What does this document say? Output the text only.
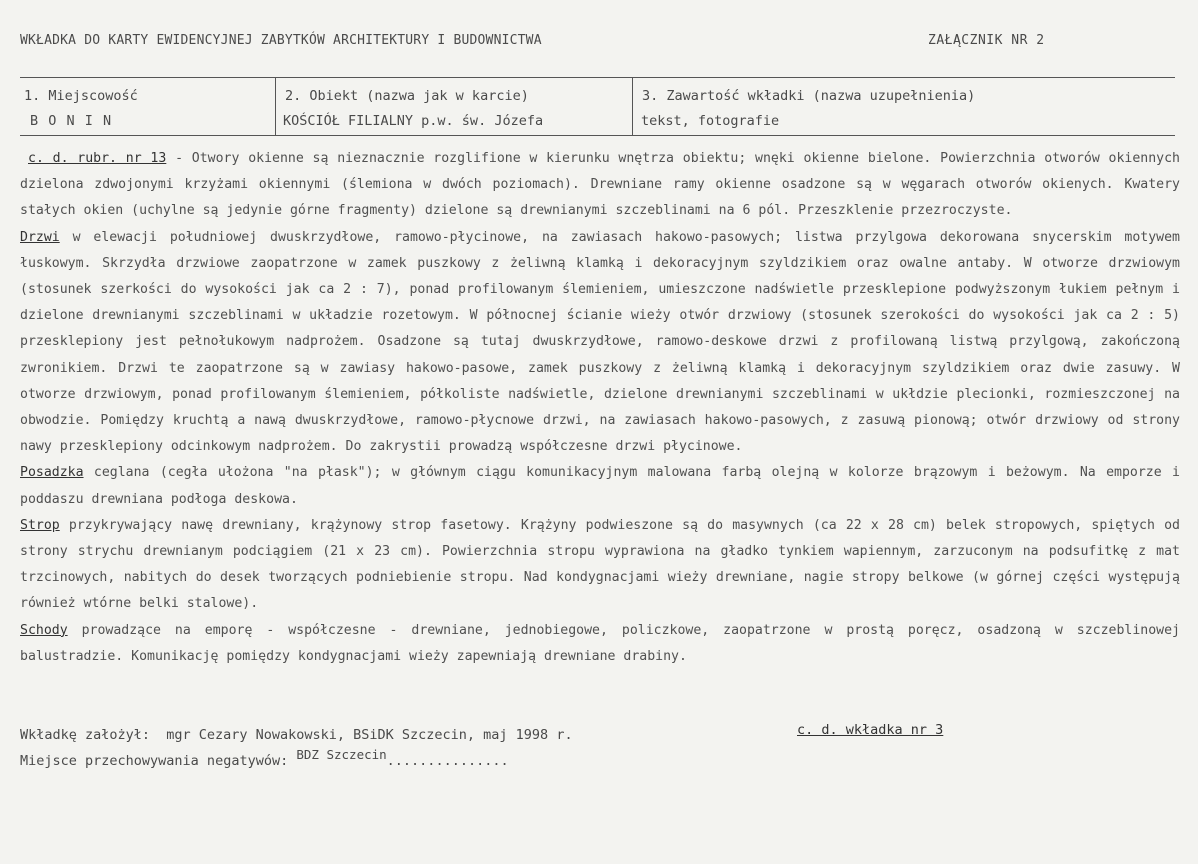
WKŁADKA DO KARTY EWIDENCYJNEJ ZABYTKÓW ARCHITEKTURY I BUDOWNICTWA	ZAŁĄCZNIK NR 2
1. Miejscowość
B O N I N
2. Obiekt (nazwa jak w karcie)
KOŚCIÓŁ FILIALNY p.w. św. Józefa
3. Zawartość wkładki (nazwa uzupełnienia)
tekst, fotografie

c. d. rubr. nr 13 - Otwory okienne są nieznacznie rozglifione w kierunku wnętrza obiektu; wnęki okienne bielone. Powierzchnia otworów okiennych dzielona zdwojonymi krzyżami okiennymi (ślemiona w dwóch poziomach). Drewniane ramy okienne osadzone są w węgarach otworów okienych. Kwatery stałych okien (uchylne są jedynie górne fragmenty) dzielone są drewnianymi szczeblinami na 6 pól. Przeszklenie przezroczyste.

Drzwi w elewacji południowej dwuskrzydłowe, ramowo-płycinowe, na zawiasach hakowo-pasowych; listwa przylgowa dekorowana snycerskim motywem łuskowym. Skrzydła drzwiowe zaopatrzone w zamek puszkowy z żeliwną klamką i dekoracyjnym szyldzikiem oraz owalne antaby. W otworze drzwiowym (stosunek szerkości do wysokości jak ca 2 : 7), ponad profilowanym ślemieniem, umieszczone nadświetle przesklepione podwyższonym łukiem pełnym i dzielone drewnianymi szczeblinami w układzie rozetowym. W północnej ścianie wieży otwór drzwiowy (stosunek szerokości do wysokości jak ca 2 : 5) przesklepiony jest pełnołukowym nadprożem. Osadzone są tutaj dwuskrzydłowe, ramowo-deskowe drzwi z profilowaną listwą przylgową, zakończoną zwronikiem. Drzwi te zaopatrzone są w zawiasy hakowo-pasowe, zamek puszkowy z żeliwną klamką i dekoracyjnym szyldzikiem oraz dwie zasuwy. W otworze drzwiowym, ponad profilowanym ślemieniem, półkoliste nadświetle, dzielone drewnianymi szczeblinami w ukłdzie plecionki, rozmieszczonej na obwodzie. Pomiędzy kruchtą a nawą dwuskrzydłowe, ramowo-płycnowe drzwi, na zawiasach hakowo-pasowych, z zasuwą pionową; otwór drzwiowy od strony nawy przesklepiony odcinkowym nadprożem. Do zakrystii prowadzą współczesne drzwi płycinowe.

Posadzka ceglana (cegła ułożona "na płask"); w głównym ciągu komunikacyjnym malowana farbą olejną w kolorze brązowym i beżowym. Na emporze i poddaszu drewniana podłoga deskowa.

Strop przykrywający nawę drewniany, krążynowy strop fasetowy. Krążyny podwieszone są do masywnych (ca 22 x 28 cm) belek stropowych, spiętych od strony strychu drewnianym podciągiem (21 x 23 cm). Powierzchnia stropu wyprawiona na gładko tynkiem wapiennym, zarzuconym na podsufitkę z mat trzcinowych, nabitych do desek tworzących podniebienie stropu. Nad kondygnacjami wieży drewniane, nagie stropy belkowe (w górnej części występują również wtórne belki stalowe).

Schody prowadzące na emporę - współczesne - drewniane, jednobiegowe, policzkowe, zaopatrzone w prostą poręcz, osadzoną w szczeblinowej balustradzie. Komunikację pomiędzy kondygnacjami wieży zapewniają drewniane drabiny.

Wkładkę założył: mgr Cezary Nowakowski, BSiDK Szczecin, maj 1998 r.	c. d. wkładka nr 3
Miejsce przechowywania negatywów: BDZ Szczecin...............
